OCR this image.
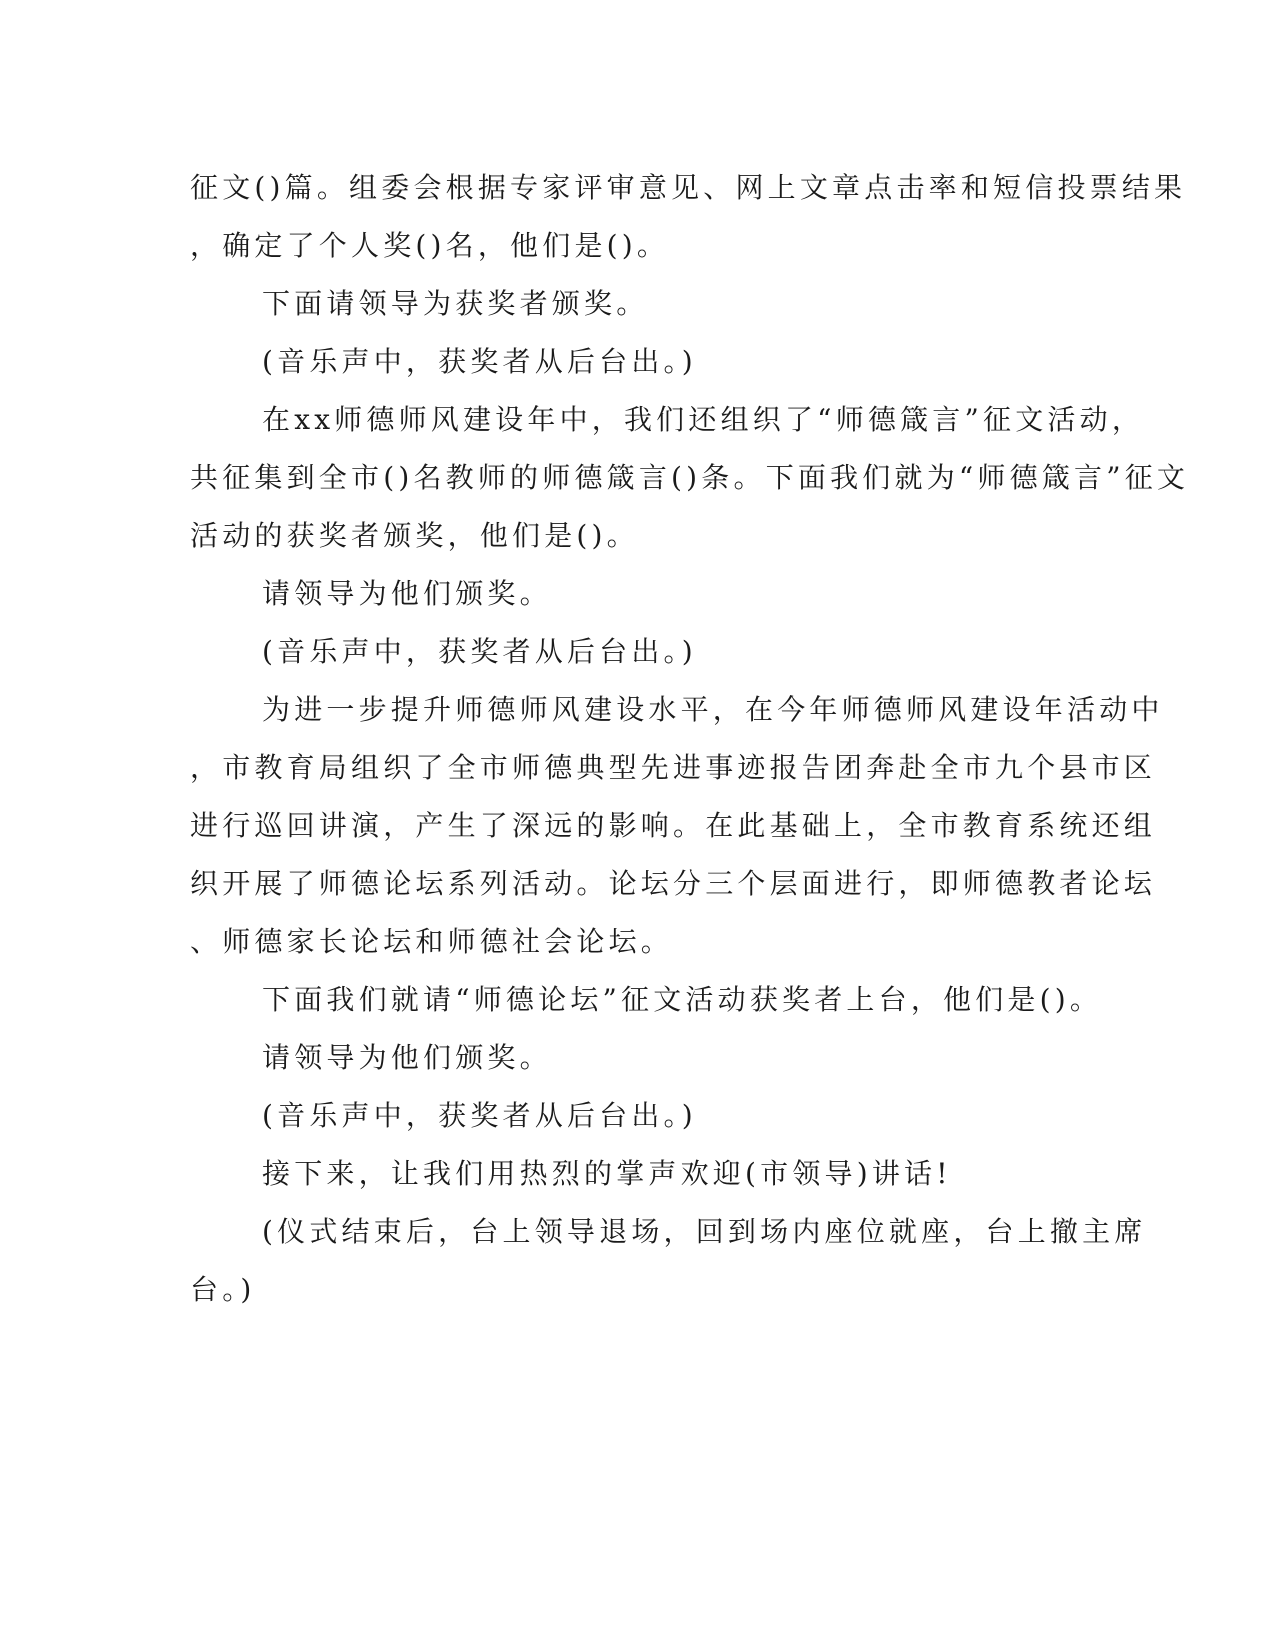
征文()篇。组委会根据专家评审意见、网上文章点击率和短信投票结果
，确定了个人奖()名，他们是()。
下面请领导为获奖者颁奖。
(音乐声中，获奖者从后台出。)
在xx师德师风建设年中，我们还组织了“师德箴言”征文活动，
共征集到全市()名教师的师德箴言()条。下面我们就为“师德箴言”征文
活动的获奖者颁奖，他们是()。
请领导为他们颁奖。
(音乐声中，获奖者从后台出。)
为进一步提升师德师风建设水平，在今年师德师风建设年活动中
，市教育局组织了全市师德典型先进事迹报告团奔赴全市九个县市区
进行巡回讲演，产生了深远的影响。在此基础上，全市教育系统还组
织开展了师德论坛系列活动。论坛分三个层面进行，即师德教者论坛
、师德家长论坛和师德社会论坛。
下面我们就请“师德论坛”征文活动获奖者上台，他们是()。
请领导为他们颁奖。
(音乐声中，获奖者从后台出。)
接下来，让我们用热烈的掌声欢迎(市领导)讲话!
(仪式结束后，台上领导退场，回到场内座位就座，台上撤主席
台。)
